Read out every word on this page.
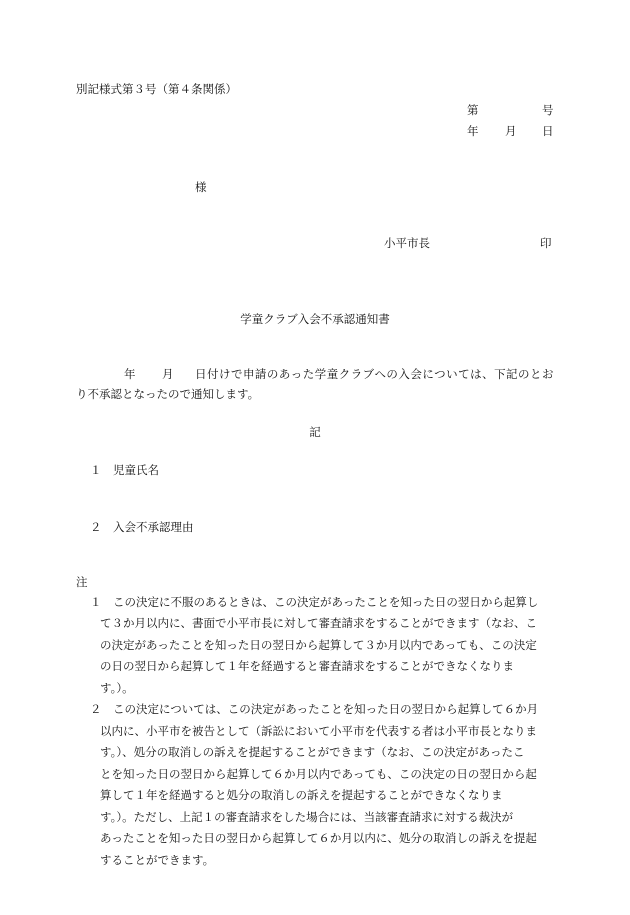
別記様式第３号（第４条関係）
第	号
年 月 日
様
小平市長	印
学童クラブ入会不承認通知書
年 月 日付けで申請のあった学童クラブへの入会については、下記のとお
り不承認となったので通知します。
記
１ 児童氏名
２ 入会不承認理由
注
１ この決定に不服のあるときは、この決定があったことを知った日の翌日から起算し
て３か月以内に、書面で小平市長に対して審査請求をすることができます（なお、こ
の決定があったことを知った日の翌日から起算して３か月以内であっても、この決定
の日の翌日から起算して１年を経過すると審査請求をすることができなくなりま
す。）。
２ この決定については、この決定があったことを知った日の翌日から起算して６か月
以内に、小平市を被告として（訴訟において小平市を代表する者は小平市長となりま
す。）、処分の取消しの訴えを提起することができます（なお、この決定があったこ
とを知った日の翌日から起算して６か月以内であっても、この決定の日の翌日から起
算して１年を経過すると処分の取消しの訴えを提起することができなくなりま
す。）。ただし、上記１の審査請求をした場合には、当該審査請求に対する裁決が
あったことを知った日の翌日から起算して６か月以内に、処分の取消しの訴えを提起
することができます。
